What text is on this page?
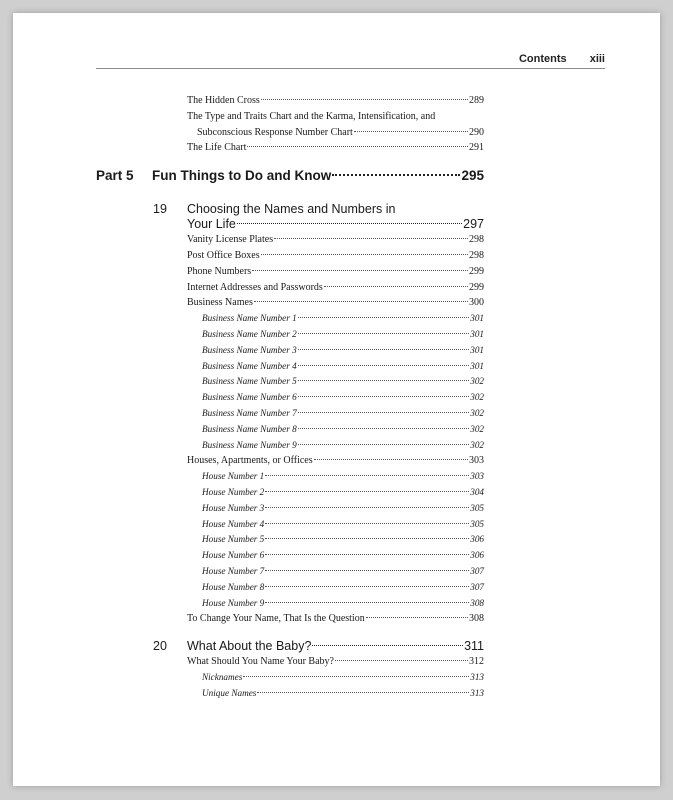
Contents xiii
The Hidden Cross	289
The Type and Traits Chart and the Karma, Intensification, and
Subconscious Response Number Chart	290
The Life Chart	291
Part 5	Fun Things to Do and Know	295
19	Choosing the Names and Numbers in
Your Life	297
Vanity License Plates	298
Post Office Boxes	298
Phone Numbers	299
Internet Addresses and Passwords	299
Business Names	300
Business Name Number 1	301
Business Name Number 2	301
Business Name Number 3	301
Business Name Number 4	301
Business Name Number 5	302
Business Name Number 6	302
Business Name Number 7	302
Business Name Number 8	302
Business Name Number 9	302
Houses, Apartments, or Offices	303
House Number 1	303
House Number 2	304
House Number 3	305
House Number 4	305
House Number 5	306
House Number 6	306
House Number 7	307
House Number 8	307
House Number 9	308
To Change Your Name, That Is the Question	308
20	What About the Baby?	311
What Should You Name Your Baby?	312
Nicknames	313
Unique Names	313
